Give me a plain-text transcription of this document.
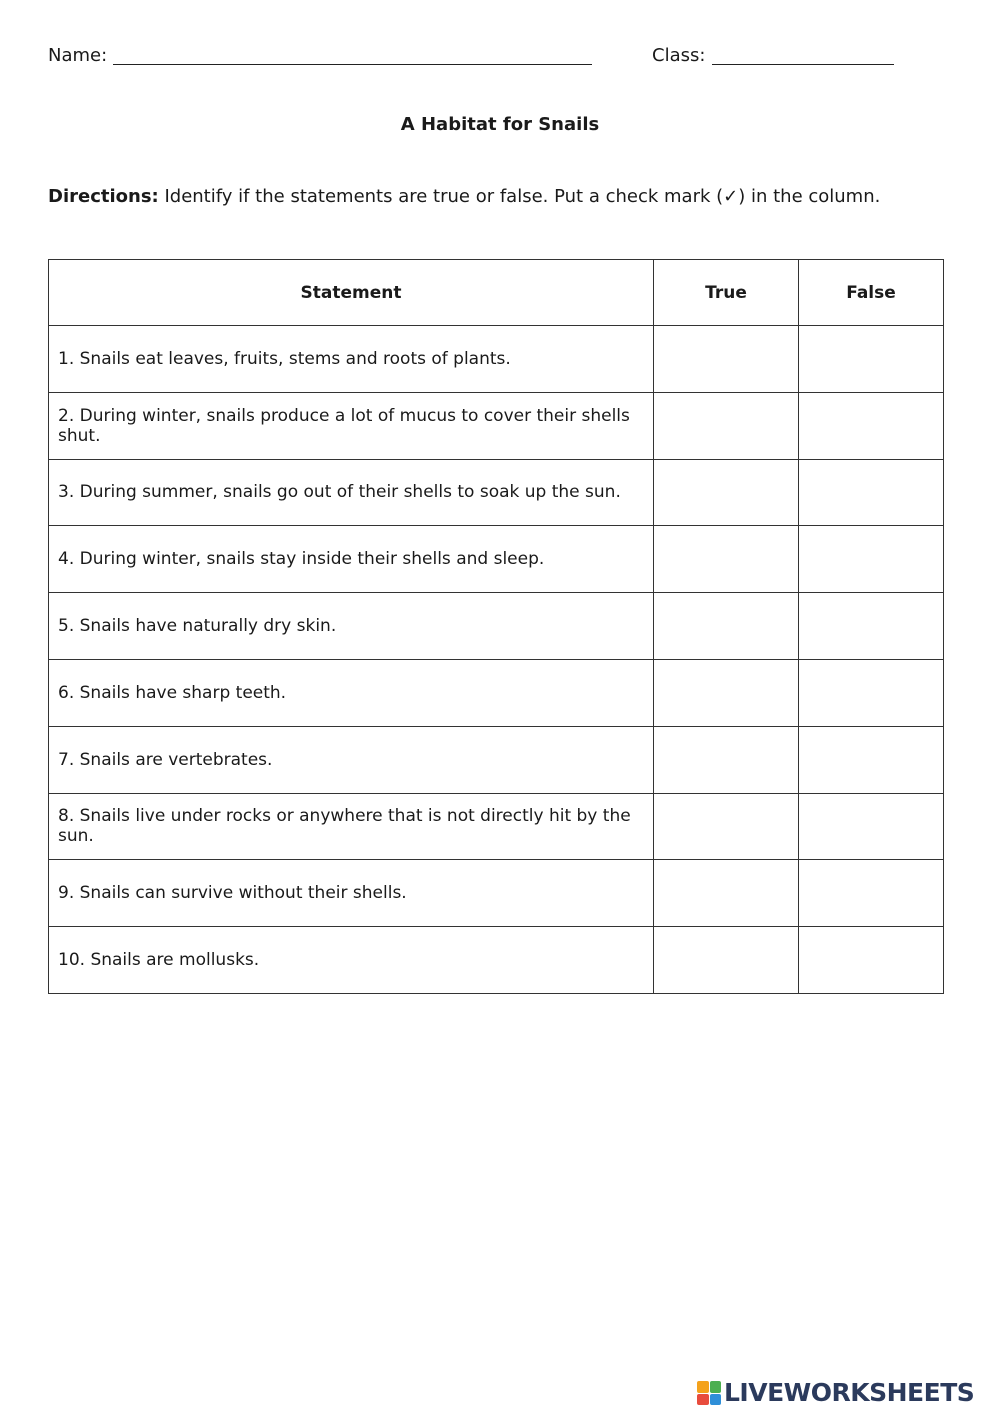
Name:	Class:
A Habitat for Snails
Directions: Identify if the statements are true or false. Put a check mark (✓) in the column.
Statement	True	False
1. Snails eat leaves, fruits, stems and roots of plants.		
2. During winter, snails produce a lot of mucus to cover their shells shut.		
3. During summer, snails go out of their shells to soak up the sun.		
4. During winter, snails stay inside their shells and sleep.		
5. Snails have naturally dry skin.		
6. Snails have sharp teeth.		
7. Snails are vertebrates.		
8. Snails live under rocks or anywhere that is not directly hit by the sun.		
9. Snails can survive without their shells.		
10. Snails are mollusks.		
LIVEWORKSHEETS
